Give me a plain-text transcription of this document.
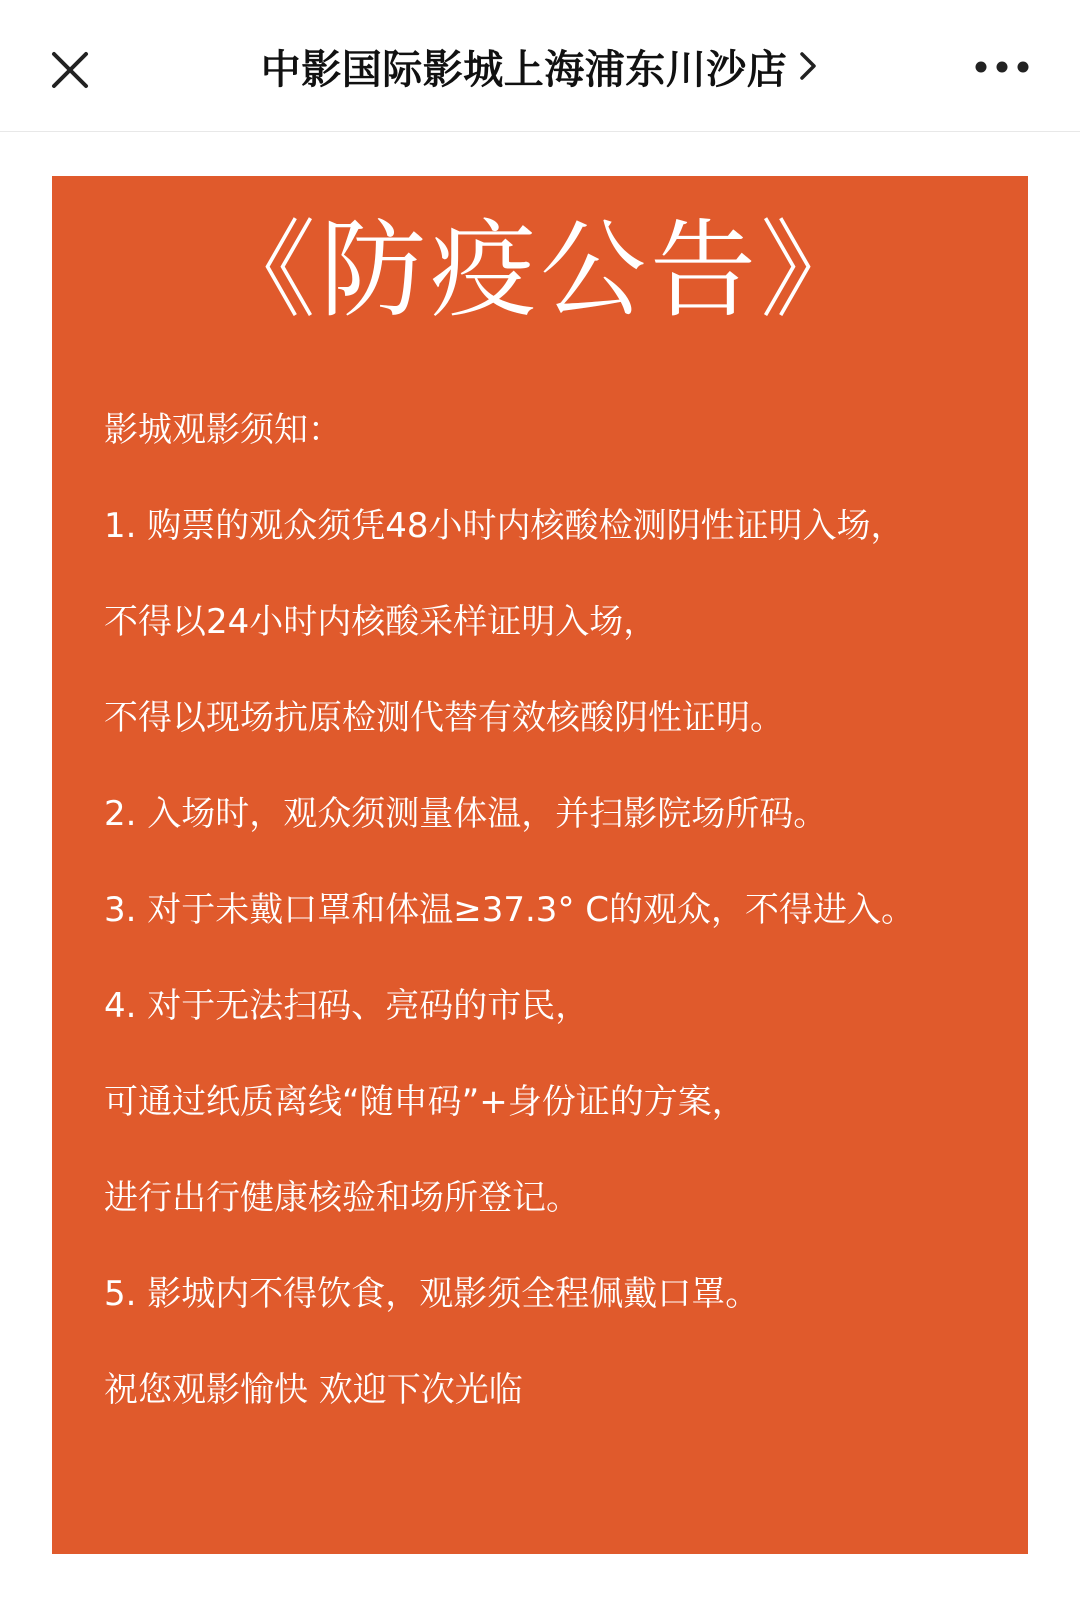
中影国际影城上海浦东川沙店
《防疫公告》
影城观影须知：
1. 购票的观众须凭48小时内核酸检测阴性证明入场，
不得以24小时内核酸采样证明入场，
不得以现场抗原检测代替有效核酸阴性证明。
2. 入场时，观众须测量体温，并扫影院场所码。
3. 对于未戴口罩和体温≥37.3° C的观众，不得进入。
4. 对于无法扫码、亮码的市民，
可通过纸质离线“随申码”+身份证的方案，
进行出行健康核验和场所登记。
5. 影城内不得饮食，观影须全程佩戴口罩。
祝您观影愉快 欢迎下次光临
